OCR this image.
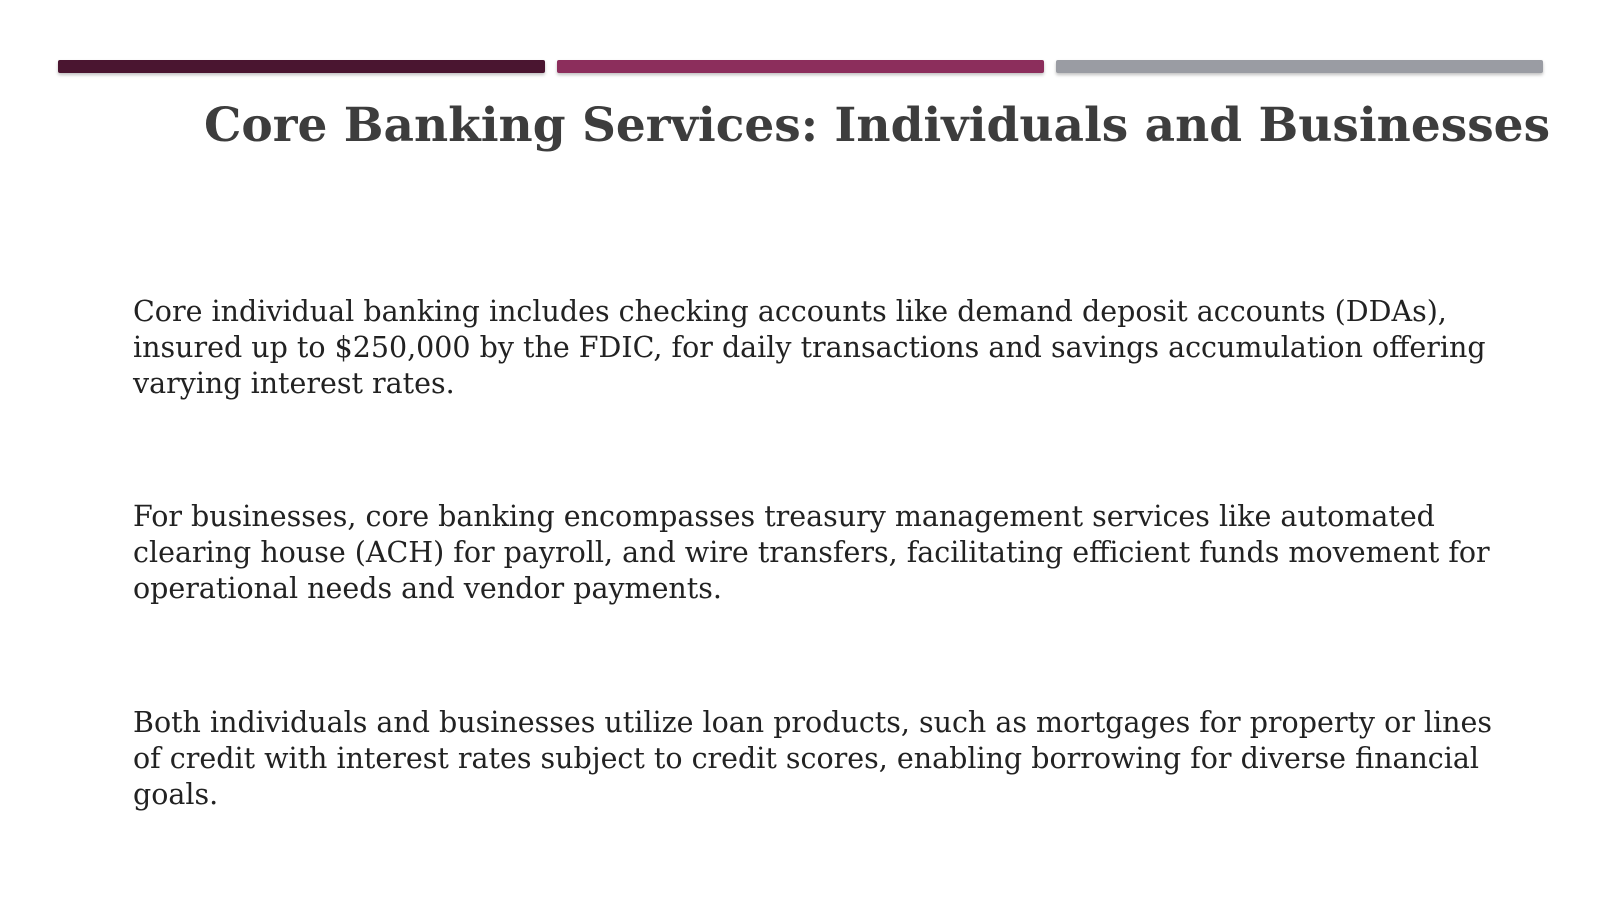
Core Banking Services: Individuals and Businesses

Core individual banking includes checking accounts like demand deposit accounts (DDAs), insured up to $250,000 by the FDIC, for daily transactions and savings accumulation offering varying interest rates.

For businesses, core banking encompasses treasury management services like automated clearing house (ACH) for payroll, and wire transfers, facilitating efficient funds movement for operational needs and vendor payments.

Both individuals and businesses utilize loan products, such as mortgages for property or lines of credit with interest rates subject to credit scores, enabling borrowing for diverse financial goals.
